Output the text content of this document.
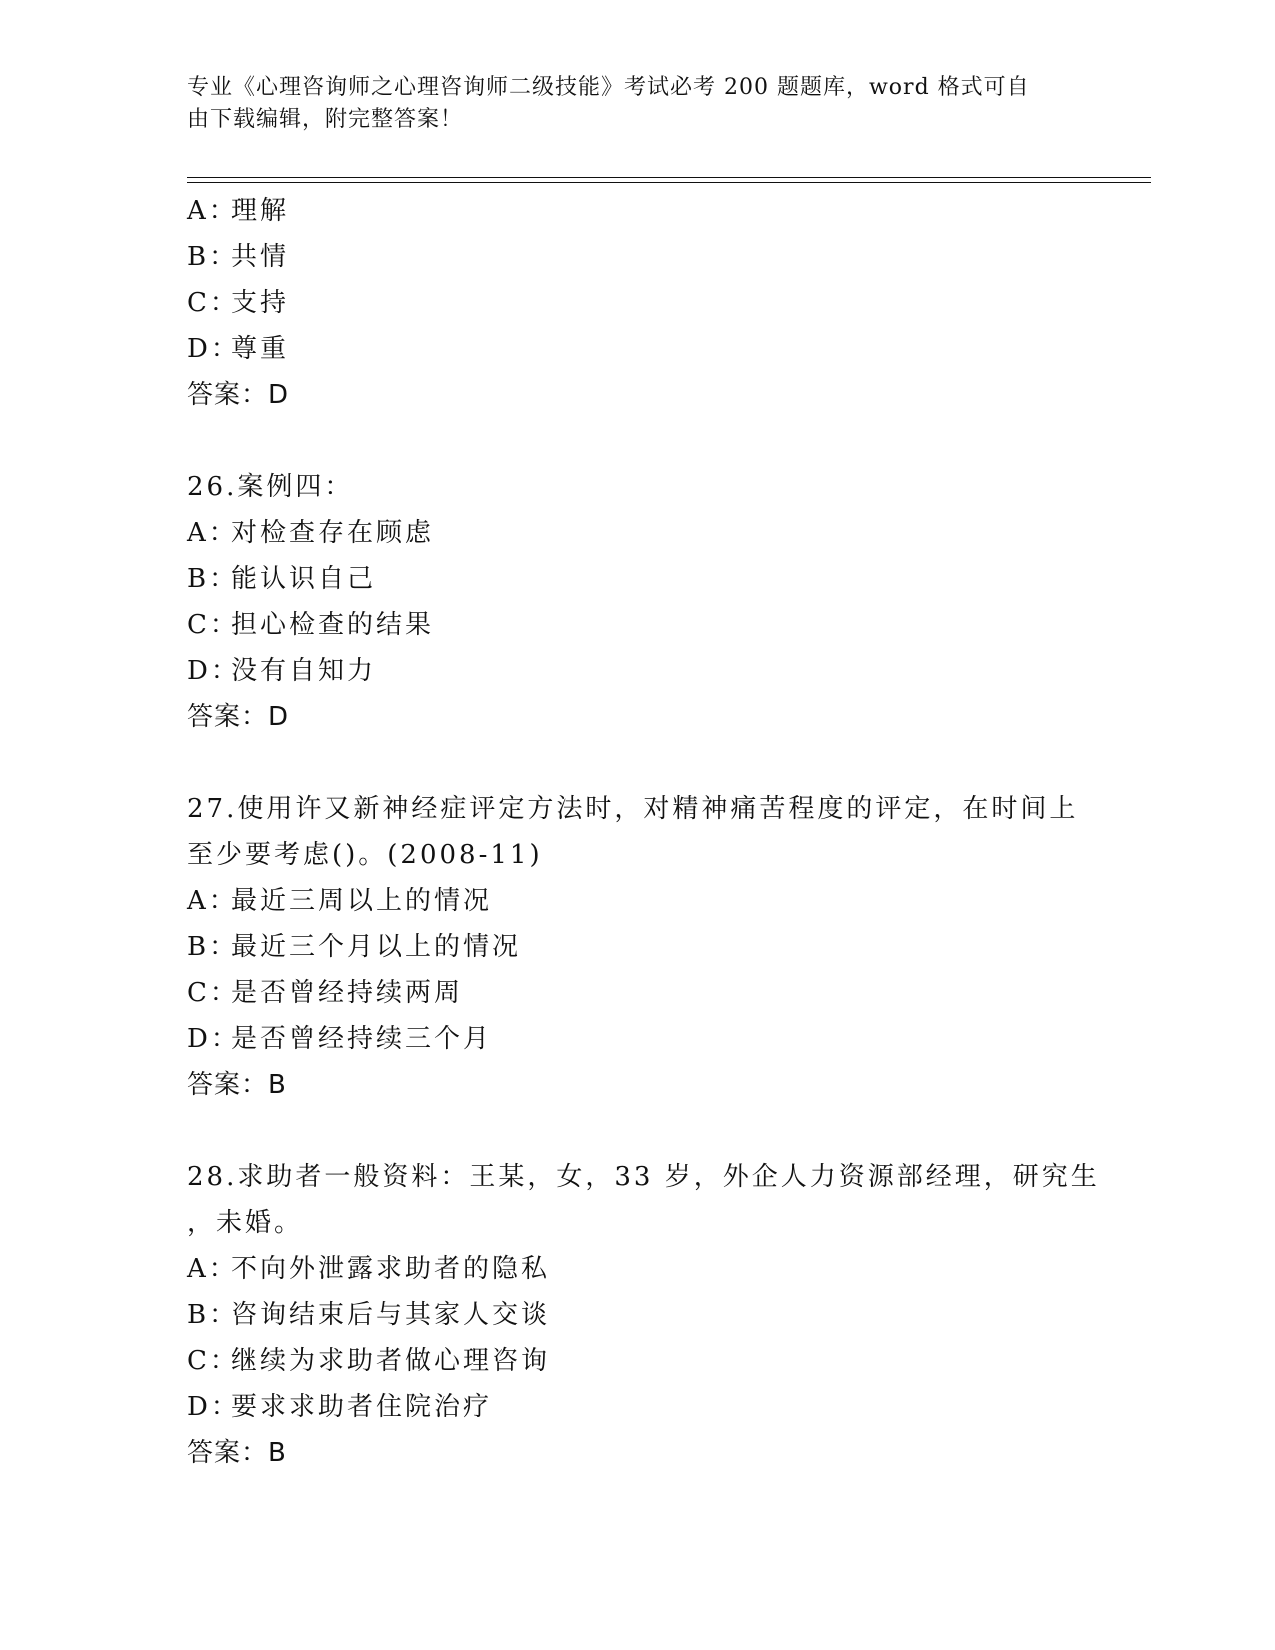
专业《心理咨询师之心理咨询师二级技能》考试必考 200 题题库，word 格式可自
由下载编辑，附完整答案！
A：理解
B：共情
C：支持
D：尊重
答案：D
26.案例四：
A：对检查存在顾虑
B：能认识自己
C：担心检查的结果
D：没有自知力
答案：D
27.使用许又新神经症评定方法时，对精神痛苦程度的评定，在时间上
至少要考虑()。(2008-11)
A：最近三周以上的情况
B：最近三个月以上的情况
C：是否曾经持续两周
D：是否曾经持续三个月
答案：B
28.求助者一般资料：王某，女，33 岁，外企人力资源部经理，研究生
，未婚。
A：不向外泄露求助者的隐私
B：咨询结束后与其家人交谈
C：继续为求助者做心理咨询
D：要求求助者住院治疗
答案：B
